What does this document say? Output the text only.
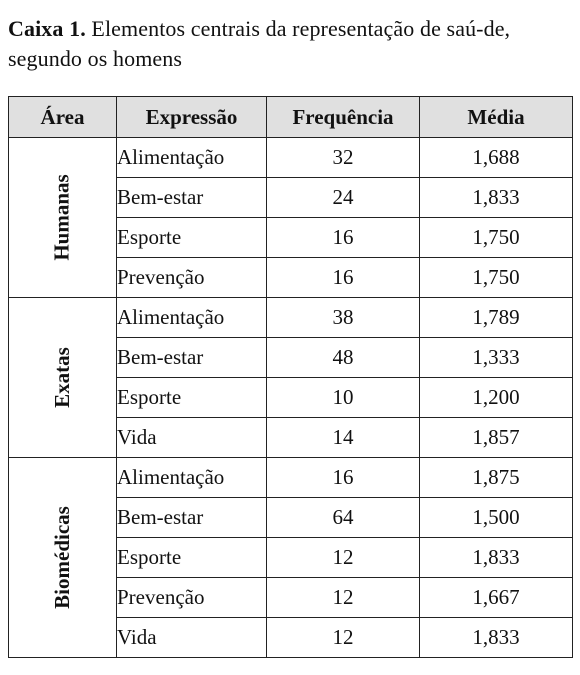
Caixa 1. Elementos centrais da representação de saú-de, segundo os homens
Área	Expressão	Frequência	Média
Humanas	Alimentação	32	1,688
	Bem-estar	24	1,833
	Esporte	16	1,750
	Prevenção	16	1,750
Exatas	Alimentação	38	1,789
	Bem-estar	48	1,333
	Esporte	10	1,200
	Vida	14	1,857
Biomédicas	Alimentação	16	1,875
	Bem-estar	64	1,500
	Esporte	12	1,833
	Prevenção	12	1,667
	Vida	12	1,833
